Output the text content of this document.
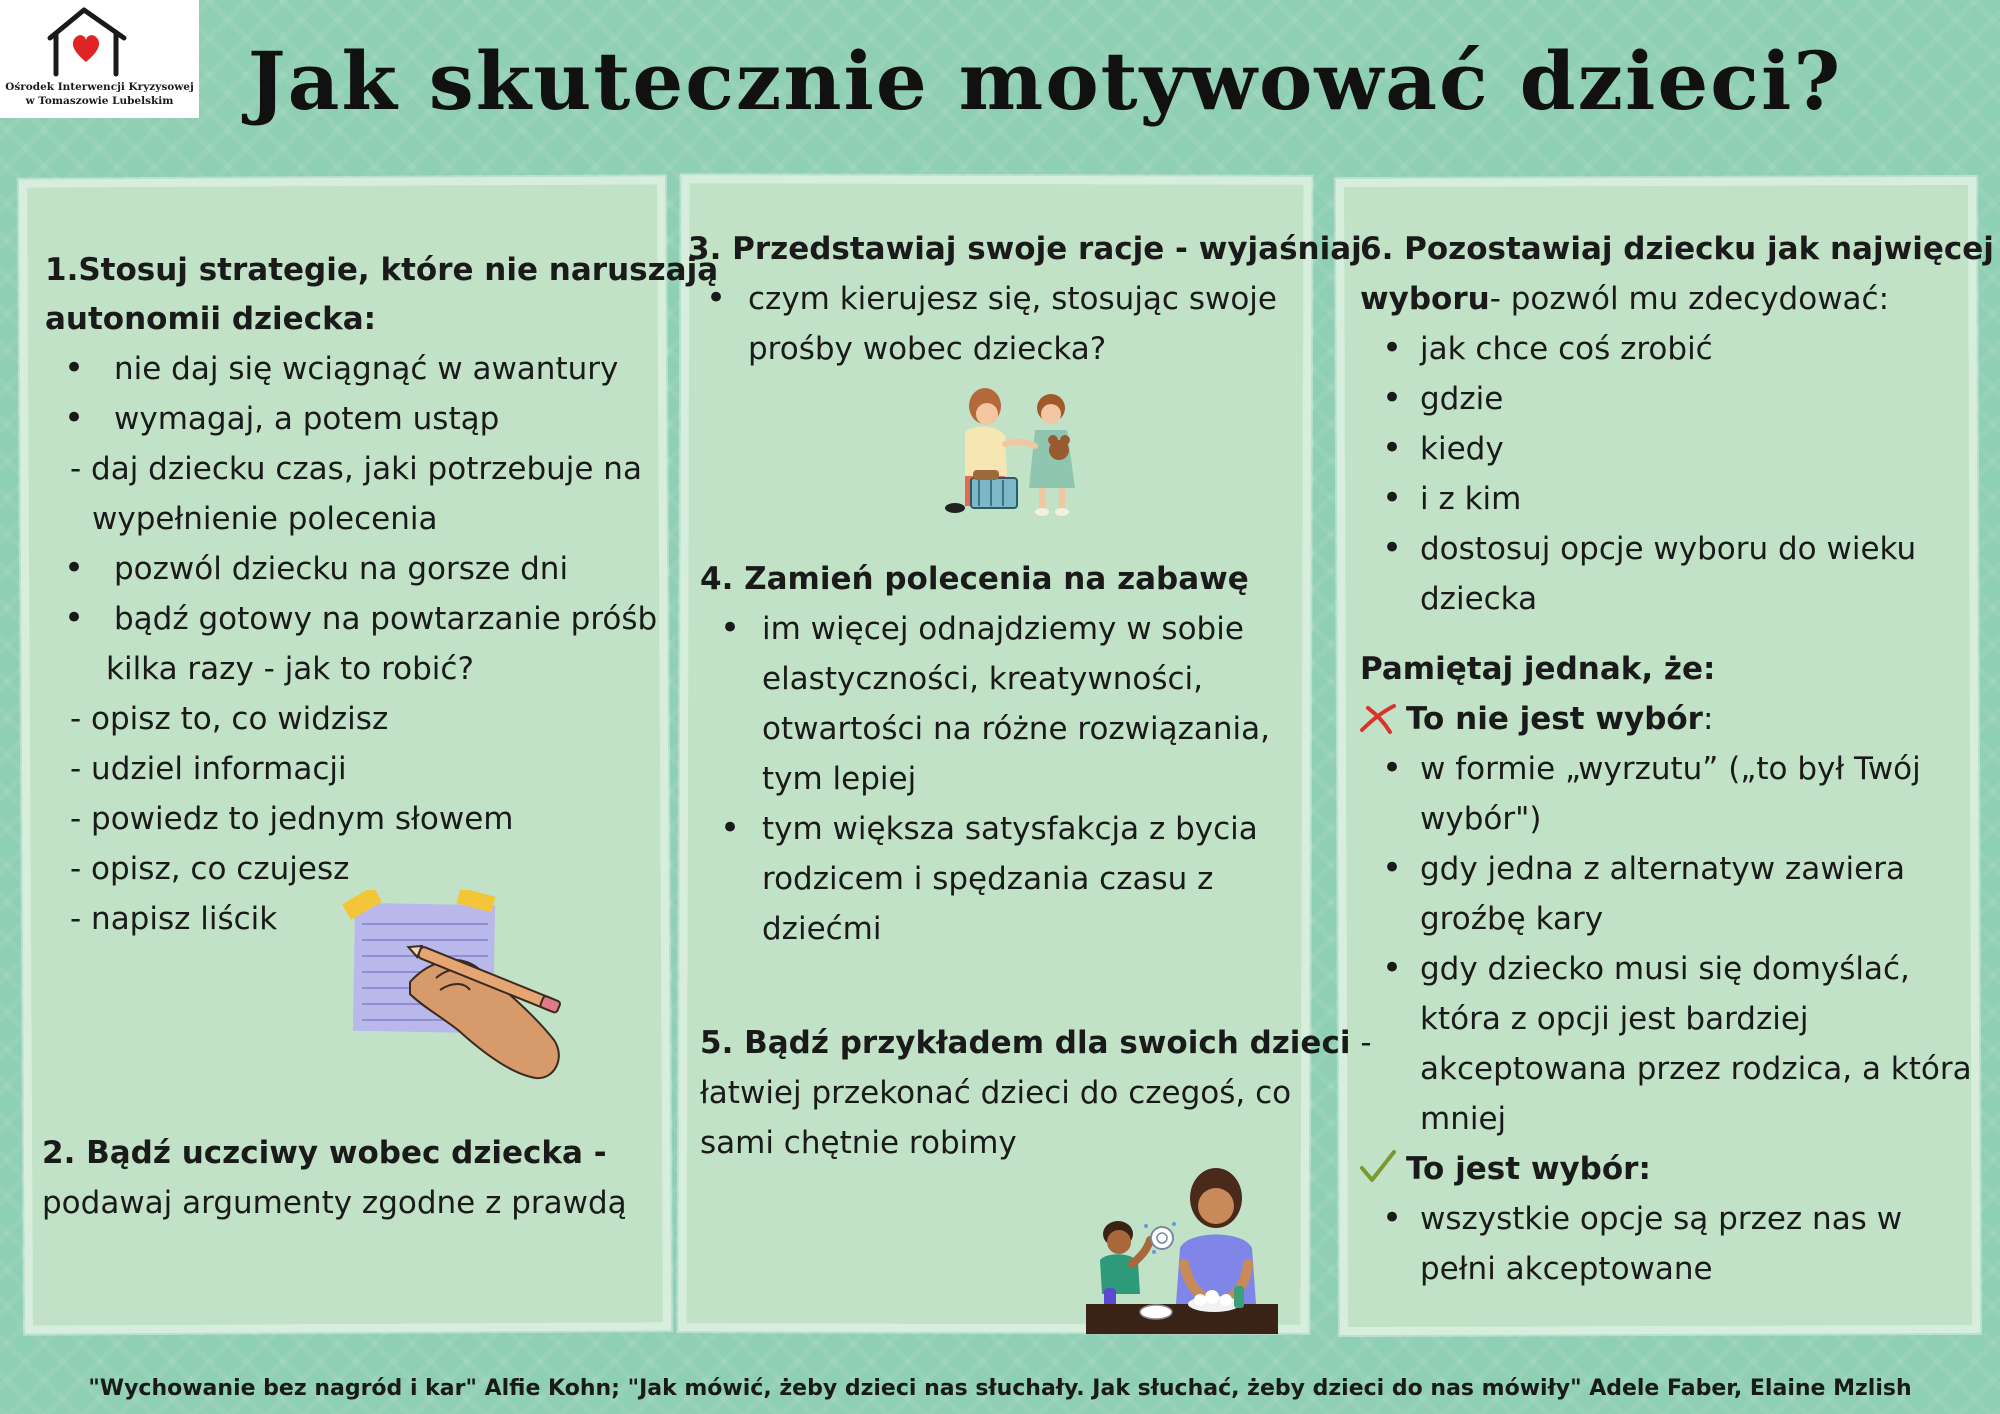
Ośrodek Interwencji Kryzysowej
w Tomaszowie Lubelskim Jak skutecznie motywować dzieci?
1.Stosuj strategie, które nie naruszają
autonomii dziecka:
• nie daj się wciągnąć w awantury
• wymagaj, a potem ustąp
- daj dziecku czas, jaki potrzebuje na
wypełnienie polecenia
• pozwól dziecku na gorsze dni
• bądź gotowy na powtarzanie próśb
kilka razy - jak to robić?
- opisz to, co widzisz
- udziel informacji
- powiedz to jednym słowem
- opisz, co czujesz
- napisz liścik
2. Bądź uczciwy wobec dziecka -
podawaj argumenty zgodne z prawdą
3. Przedstawiaj swoje racje - wyjaśniaj
• czym kierujesz się, stosując swoje
prośby wobec dziecka?
4. Zamień polecenia na zabawę
• im więcej odnajdziemy w sobie
elastyczności, kreatywności,
otwartości na różne rozwiązania,
tym lepiej
• tym większa satysfakcja z bycia
rodzicem i spędzania czasu z
dziećmi
5. Bądź przykładem dla swoich dzieci -
łatwiej przekonać dzieci do czegoś, co
sami chętnie robimy
6. Pozostawiaj dziecku jak najwięcej
wyboru- pozwól mu zdecydować:
• jak chce coś zrobić
• gdzie
• kiedy
• i z kim
• dostosuj opcje wyboru do wieku
dziecka
Pamiętaj jednak, że:
To nie jest wybór:
• w formie „wyrzutu” („to był Twój
wybór")
• gdy jedna z alternatyw zawiera
groźbę kary
• gdy dziecko musi się domyślać,
która z opcji jest bardziej
akceptowana przez rodzica, a która
mniej
To jest wybór:
• wszystkie opcje są przez nas w
pełni akceptowane
"Wychowanie bez nagród i kar" Alfie Kohn; "Jak mówić, żeby dzieci nas słuchały. Jak słuchać, żeby dzieci do nas mówiły" Adele Faber, Elaine Mzlish
